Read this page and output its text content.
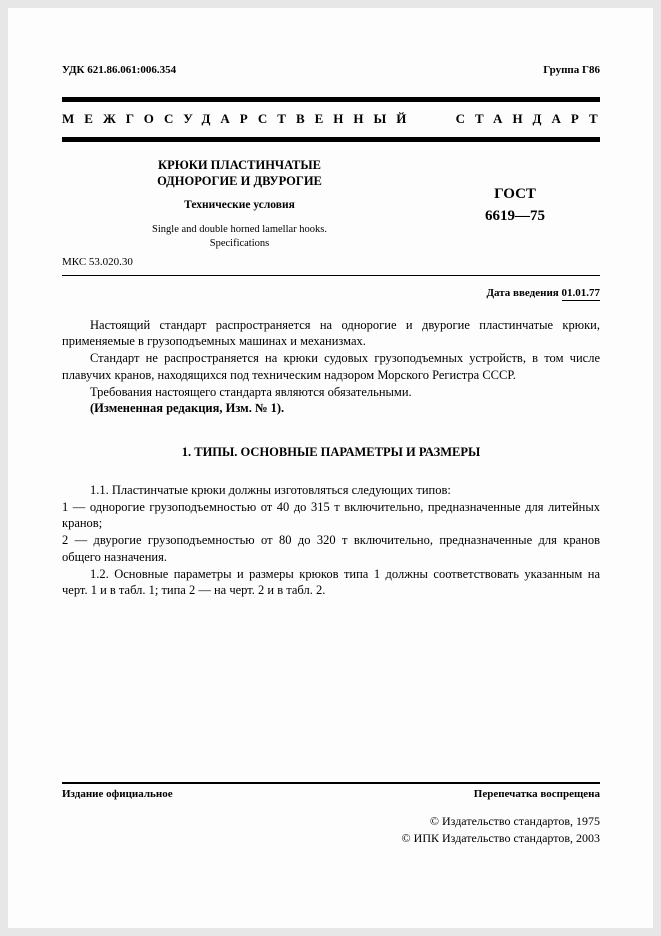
УДК 621.86.061:006.354	Группа Г86
МЕЖГОСУДАРСТВЕННЫЙ СТАНДАРТ
КРЮКИ ПЛАСТИНЧАТЫЕ
ОДНОРОГИЕ И ДВУРОГИЕ
Технические условия
Single and double horned lamellar hooks.
Specifications
МКС 53.020.30
ГОСТ
6619—75
Дата введения 01.01.77

Настоящий стандарт распространяется на однорогие и двурогие пластинчатые крюки, применяемые в грузоподъемных машинах и механизмах.

Стандарт не распространяется на крюки судовых грузоподъемных устройств, в том числе плавучих кранов, находящихся под техническим надзором Морского Регистра СССР.

Требования настоящего стандарта являются обязательными.

(Измененная редакция, Изм. № 1).

1. ТИПЫ. ОСНОВНЫЕ ПАРАМЕТРЫ И РАЗМЕРЫ

1.1. Пластинчатые крюки должны изготовляться следующих типов:

1 — однорогие грузоподъемностью от 40 до 315 т включительно, предназначенные для литейных кранов;

2 — двурогие грузоподъемностью от 80 до 320 т включительно, предназначенные для кранов общего назначения.

1.2. Основные параметры и размеры крюков типа 1 должны соответствовать указанным на черт. 1 и в табл. 1; типа 2 — на черт. 2 и в табл. 2.

Издание официальное	Перепечатка воспрещена
© Издательство стандартов, 1975
© ИПК Издательство стандартов, 2003
